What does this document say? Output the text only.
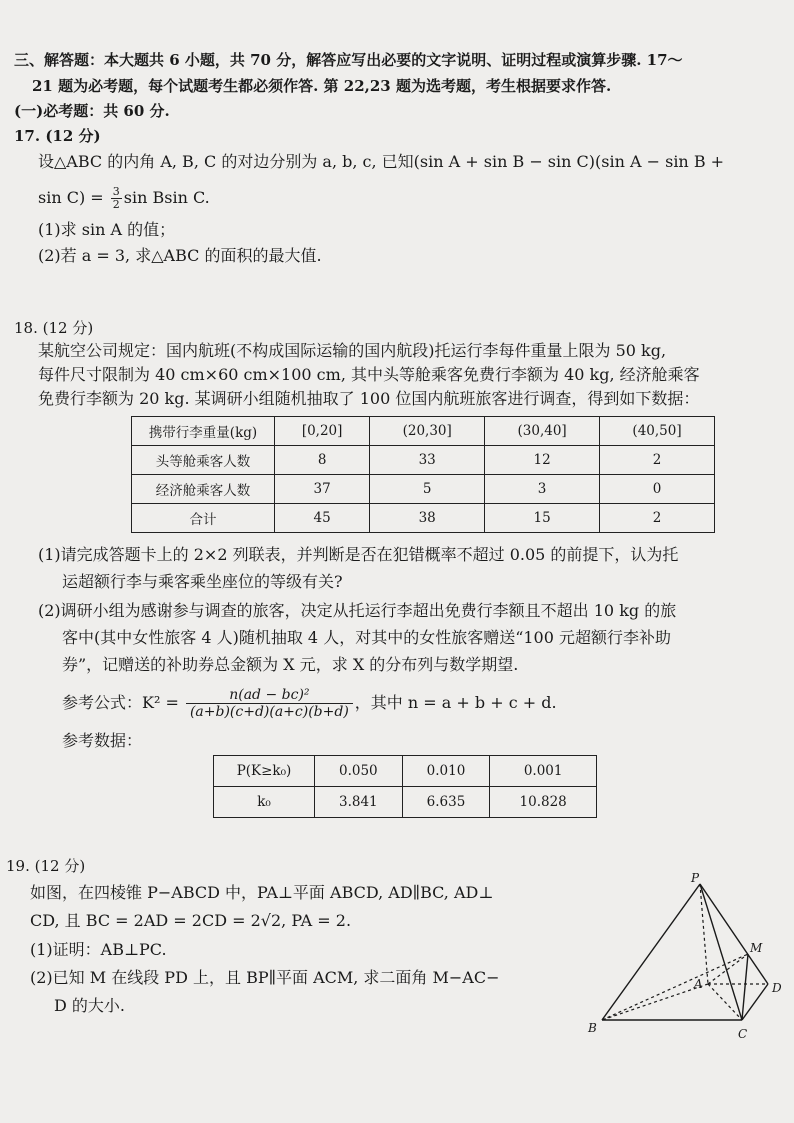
三、解答题：本大题共 6 小题，共 70 分，解答应写出必要的文字说明、证明过程或演算步骤. 17～
21 题为必考题，每个试题考生都必须作答. 第 22,23 题为选考题，考生根据要求作答.
(一)必考题：共 60 分.
17. (12 分)
设△ABC 的内角 A, B, C 的对边分别为 a, b, c, 已知(sin A + sin B − sin C)(sin A − sin B +
$\sin C) = \frac{3}{2}$ sin Bsin C.
(1)求 sin A 的值；
(2)若 a = 3, 求△ABC 的面积的最大值.
18. (12 分)
某航空公司规定：国内航班(不构成国际运输的国内航段)托运行李每件重量上限为 50 kg,
每件尺寸限制为 40 cm×60 cm×100 cm, 其中头等舱乘客免费行李额为 40 kg, 经济舱乘客
免费行李额为 20 kg. 某调研小组随机抽取了 100 位国内航班旅客进行调查，得到如下数据：
携带行李重量(kg)	[0,20]	(20,30]	(30,40]	(40,50]
头等舱乘客人数	8	33	12	2
经济舱乘客人数	37	5	3	0
合计	45	38	15	2
(1)请完成答题卡上的 2×2 列联表，并判断是否在犯错概率不超过 0.05 的前提下，认为托
运超额行李与乘客乘坐座位的等级有关?
(2)调研小组为感谢参与调查的旅客，决定从托运行李超出免费行李额且不超出 10 kg 的旅
客中(其中女性旅客 4 人)随机抽取 4 人，对其中的女性旅客赠送“100 元超额行李补助
券”，记赠送的补助券总金额为 X 元，求 X 的分布列与数学期望.
参考公式：$K^2 = \frac{\text{n(ad − bc)²}}{(a+b)(c+d)(a+c)(b+d)}$ ，其中 n = a + b + c + d.
参考数据：
P(K≥k₀)	0.050	0.010	0.001
k₀	3.841	6.635	10.828
19. (12 分)
如图，在四棱锥 P−ABCD 中，PA⊥平面 ABCD, AD∥BC, AD⊥
CD, 且 BC = 2AD = 2CD = 2√2, PA = 2.
(1)证明：AB⊥PC.
(2)已知 M 在线段 PD 上，且 BP∥平面 ACM, 求二面角 M−AC−
D 的大小.
P
M
A	D
B	C
